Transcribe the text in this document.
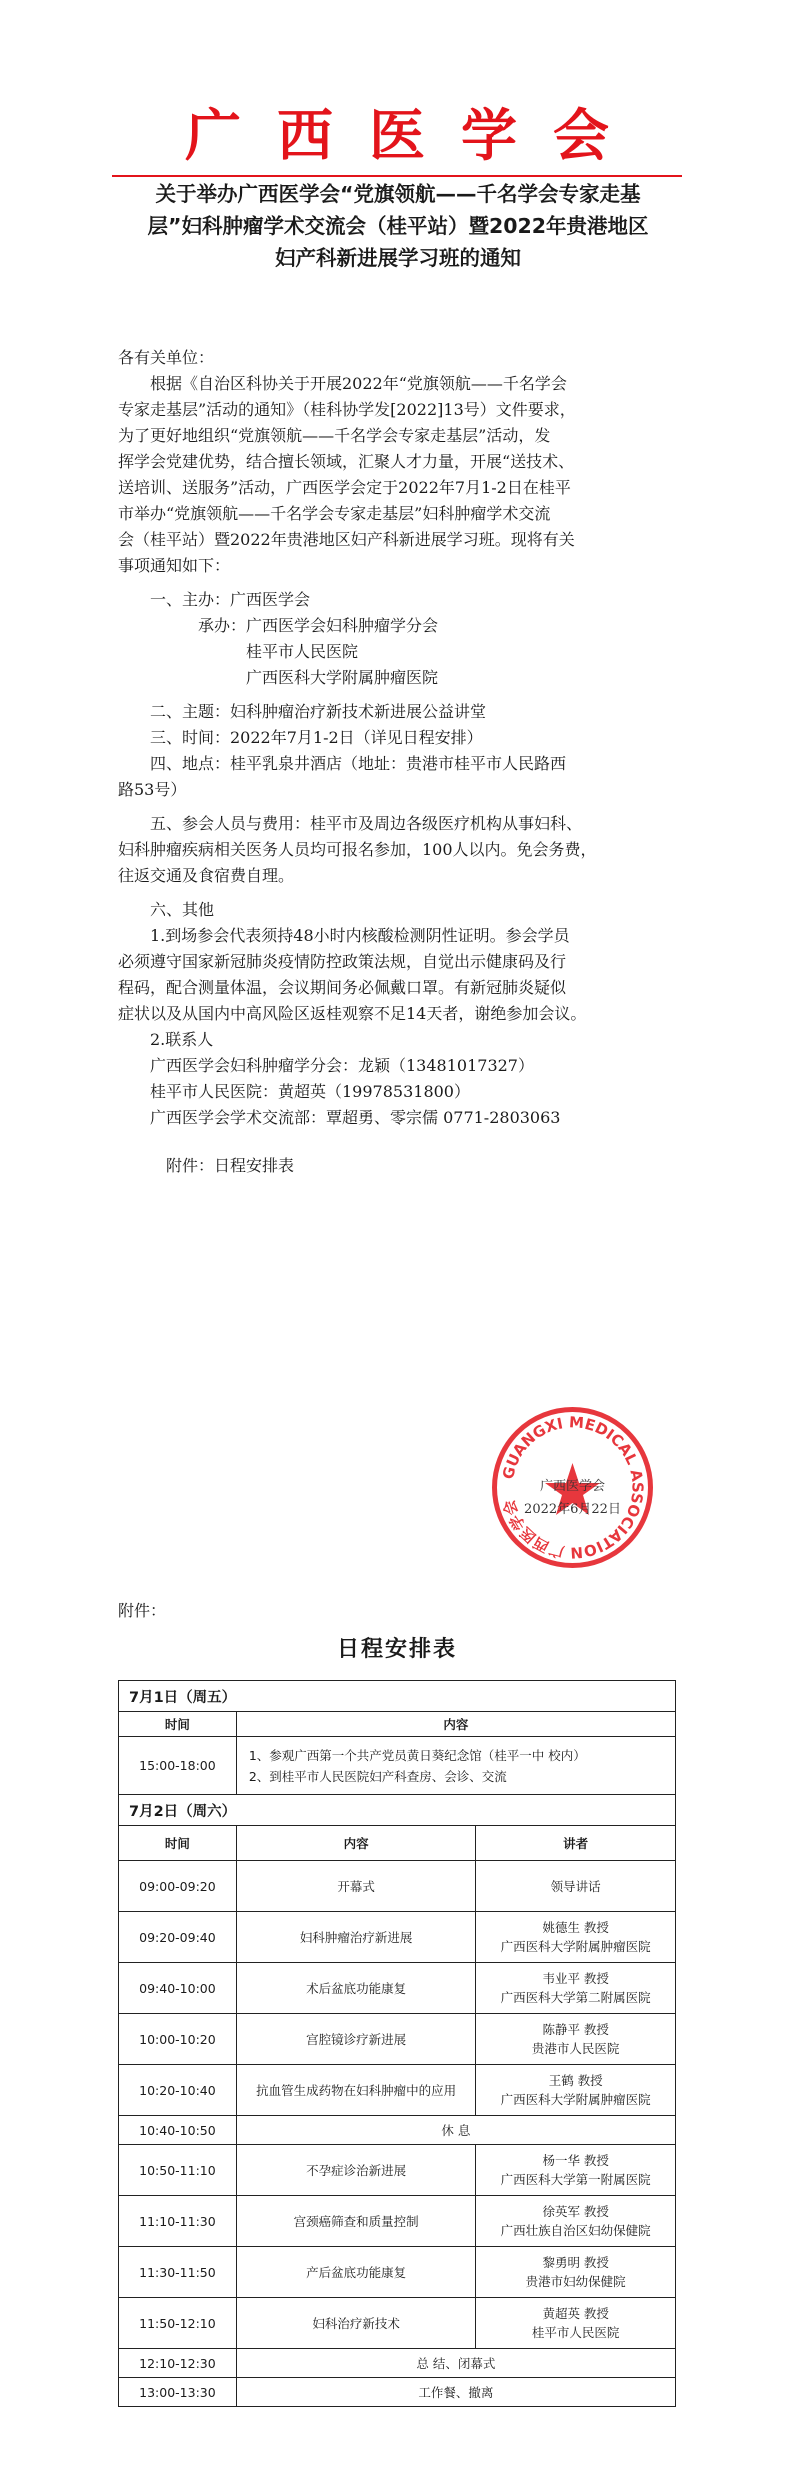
广西医学会
关于举办广西医学会“党旗领航——千名学会专家走基
层”妇科肿瘤学术交流会（桂平站）暨2022年贵港地区
妇产科新进展学习班的通知
各有关单位：
根据《自治区科协关于开展2022年“党旗领航——千名学会
专家走基层”活动的通知》（桂科协学发[2022]13号）文件要求，
为了更好地组织“党旗领航——千名学会专家走基层”活动，发
挥学会党建优势，结合擅长领域，汇聚人才力量，开展“送技术、
送培训、送服务”活动，广西医学会定于2022年7月1-2日在桂平
市举办“党旗领航——千名学会专家走基层”妇科肿瘤学术交流
会（桂平站）暨2022年贵港地区妇产科新进展学习班。现将有关
事项通知如下：
一、主办：广西医学会
承办：广西医学会妇科肿瘤学分会
桂平市人民医院
广西医科大学附属肿瘤医院
二、主题：妇科肿瘤治疗新技术新进展公益讲堂
三、时间：2022年7月1-2日（详见日程安排）
四、地点：桂平乳泉井酒店（地址：贵港市桂平市人民路西
路53号）
五、参会人员与费用：桂平市及周边各级医疗机构从事妇科、
妇科肿瘤疾病相关医务人员均可报名参加，100人以内。免会务费，
往返交通及食宿费自理。
六、其他
1.到场参会代表须持48小时内核酸检测阴性证明。参会学员
必须遵守国家新冠肺炎疫情防控政策法规，自觉出示健康码及行
程码，配合测量体温，会议期间务必佩戴口罩。有新冠肺炎疑似
症状以及从国内中高风险区返桂观察不足14天者，谢绝参加会议。
2.联系人
广西医学会妇科肿瘤学分会：龙颖（13481017327）
桂平市人民医院：黄超英（19978531800）
广西医学会学术交流部：覃超勇、零宗儒 0771-2803063
附件：日程安排表
GUANGXI MEDICAL ASSOCIATION 广西医学会
广西医学会
2022年6月22日
附件：
日程安排表
7月1日（周五）		
时间	内容	
15:00-18:00	1、参观广西第一个共产党员黄日葵纪念馆（桂平一中 校内）
2、到桂平市人民医院妇产科查房、会诊、交流	

7月2日（周六）		
时间	内容	讲者
09:00-09:20	开幕式	领导讲话

09:20-09:40	妇科肿瘤治疗新进展	姚德生 教授
广西医科大学附属肿瘤医院

09:40-10:00	术后盆底功能康复	韦业平 教授
广西医科大学第二附属医院

10:00-10:20	宫腔镜诊疗新进展	陈静平 教授
贵港市人民医院

10:20-10:40	抗血管生成药物在妇科肿瘤中的应用	王鹤 教授
广西医科大学附属肿瘤医院

10:40-10:50	休 息	
10:50-11:10	不孕症诊治新进展	杨一华 教授
广西医科大学第一附属医院

11:10-11:30	宫颈癌筛查和质量控制	徐英军 教授
广西壮族自治区妇幼保健院

11:30-11:50	产后盆底功能康复	黎勇明 教授
贵港市妇幼保健院

11:50-12:10	妇科治疗新技术	黄超英 教授
桂平市人民医院

12:10-12:30	总 结、闭幕式	
13:00-13:30	工作餐、撤离	
